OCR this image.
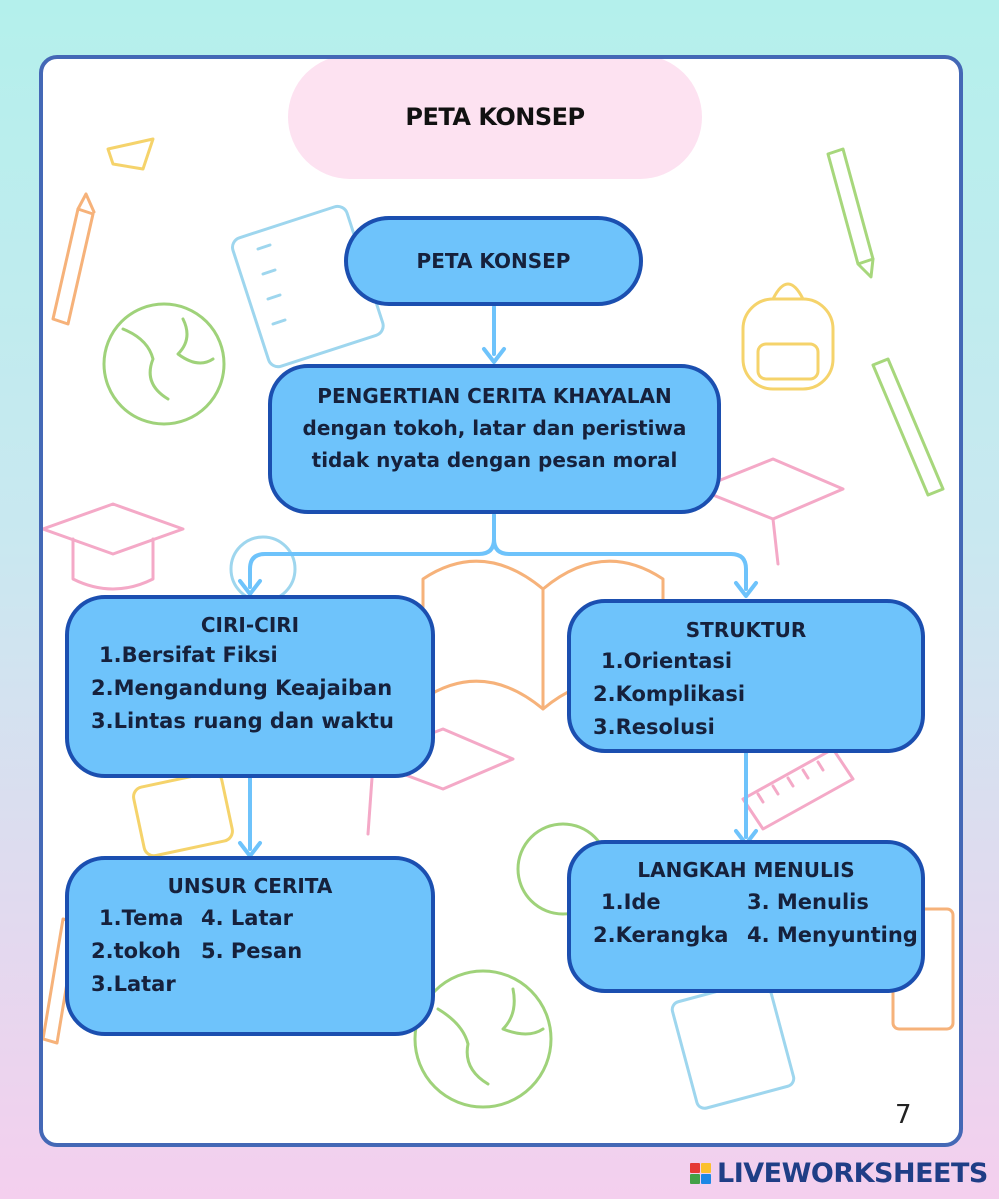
PETA KONSEP
PETA KONSEP
PENGERTIAN CERITA KHAYALAN
dengan tokoh, latar dan peristiwa
tidak nyata dengan pesan moral
CIRI-CIRI
1.Bersifat Fiksi
2.Mengandung Keajaiban
3.Lintas ruang dan waktu
STRUKTUR
1.Orientasi
2.Komplikasi
3.Resolusi
UNSUR CERITA
1.Tema
2.tokoh
3.Latar
4. Latar
5. Pesan
LANGKAH MENULIS
1.Ide
2.Kerangka
3. Menulis
4. Menyunting
7
LIVEWORKSHEETS
